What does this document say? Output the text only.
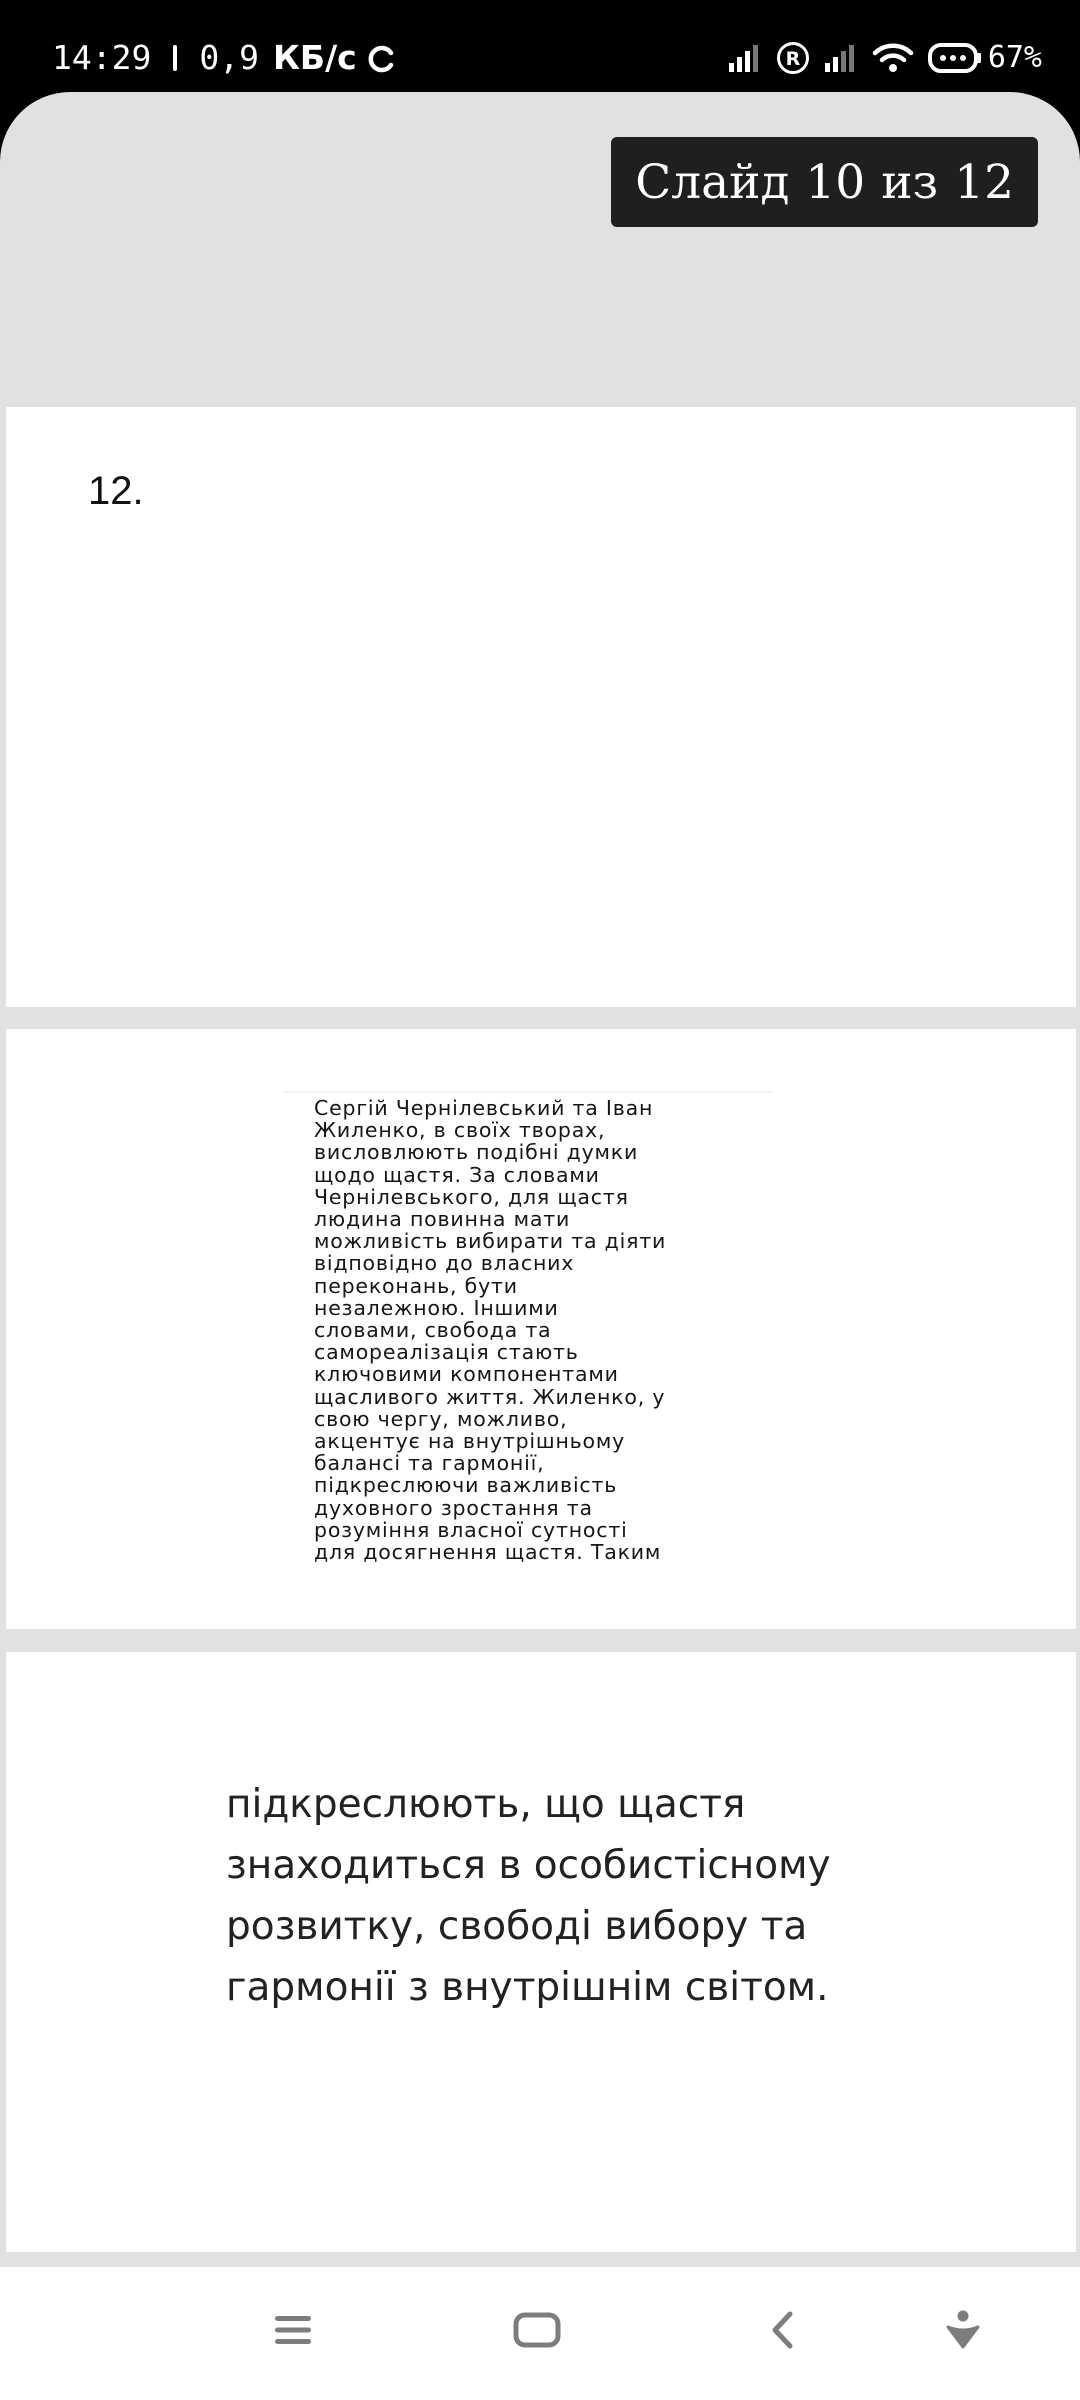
14:29 0,9 КБ/с	R	67%
Слайд 10 из 12
12.
Сергій Чернілевський та Іван
Жиленко, в своїх творах,
висловлюють подібні думки
щодо щастя. За словами
Чернілевського, для щастя
людина повинна мати
можливість вибирати та діяти
відповідно до власних
переконань, бути
незалежною. Іншими
словами, свобода та
самореалізація стають
ключовими компонентами
щасливого життя. Жиленко, у
свою чергу, можливо,
акцентує на внутрішньому
балансі та гармонії,
підкреслюючи важливість
духовного зростання та
розуміння власної сутності
для досягнення щастя. Таким
підкреслюють, що щастя
знаходиться в особистісному
розвитку, свободі вибору та
гармонії з внутрішнім світом.
